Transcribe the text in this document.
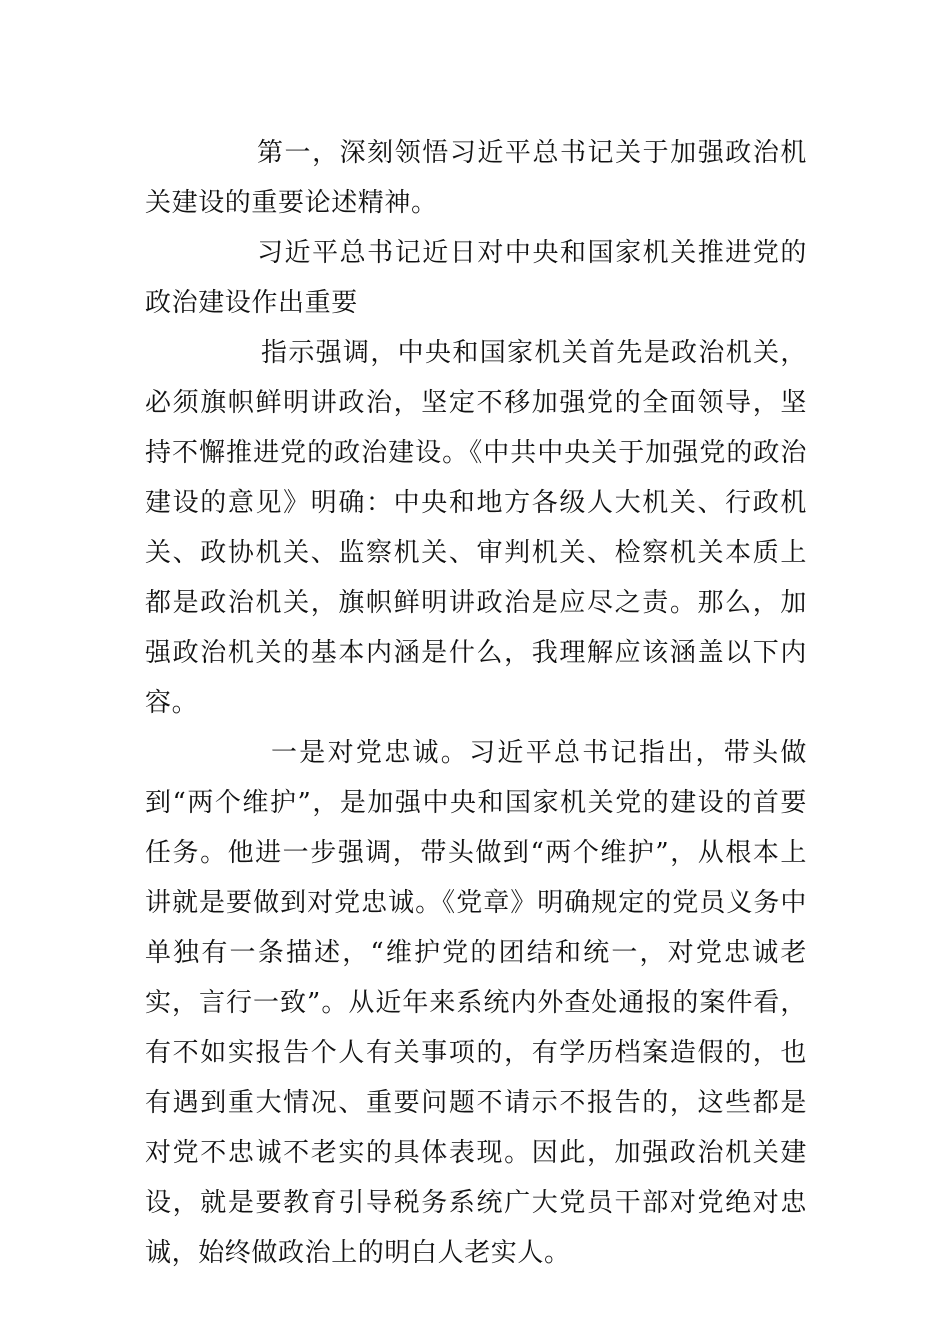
第一，深刻领悟习近平总书记关于加强政治机关建设的重要论述精神。

习近平总书记近日对中央和国家机关推进党的政治建设作出重要

指示强调，中央和国家机关首先是政治机关，必须旗帜鲜明讲政治，坚定不移加强党的全面领导，坚持不懈推进党的政治建设。《中共中央关于加强党的政治建设的意见》明确：中央和地方各级人大机关、行政机关、政协机关、监察机关、审判机关、检察机关本质上都是政治机关，旗帜鲜明讲政治是应尽之责。那么，加强政治机关的基本内涵是什么，我理解应该涵盖以下内容。

一是对党忠诚。习近平总书记指出，带头做到“两个维护”，是加强中央和国家机关党的建设的首要任务。他进一步强调，带头做到“两个维护”，从根本上讲就是要做到对党忠诚。《党章》明确规定的党员义务中单独有一条描述，“维护党的团结和统一，对党忠诚老实，言行一致”。从近年来系统内外查处通报的案件看，有不如实报告个人有关事项的，有学历档案造假的，也有遇到重大情况、重要问题不请示不报告的，这些都是对党不忠诚不老实的具体表现。因此，加强政治机关建设，就是要教育引导税务系统广大党员干部对党绝对忠诚，始终做政治上的明白人老实人。
